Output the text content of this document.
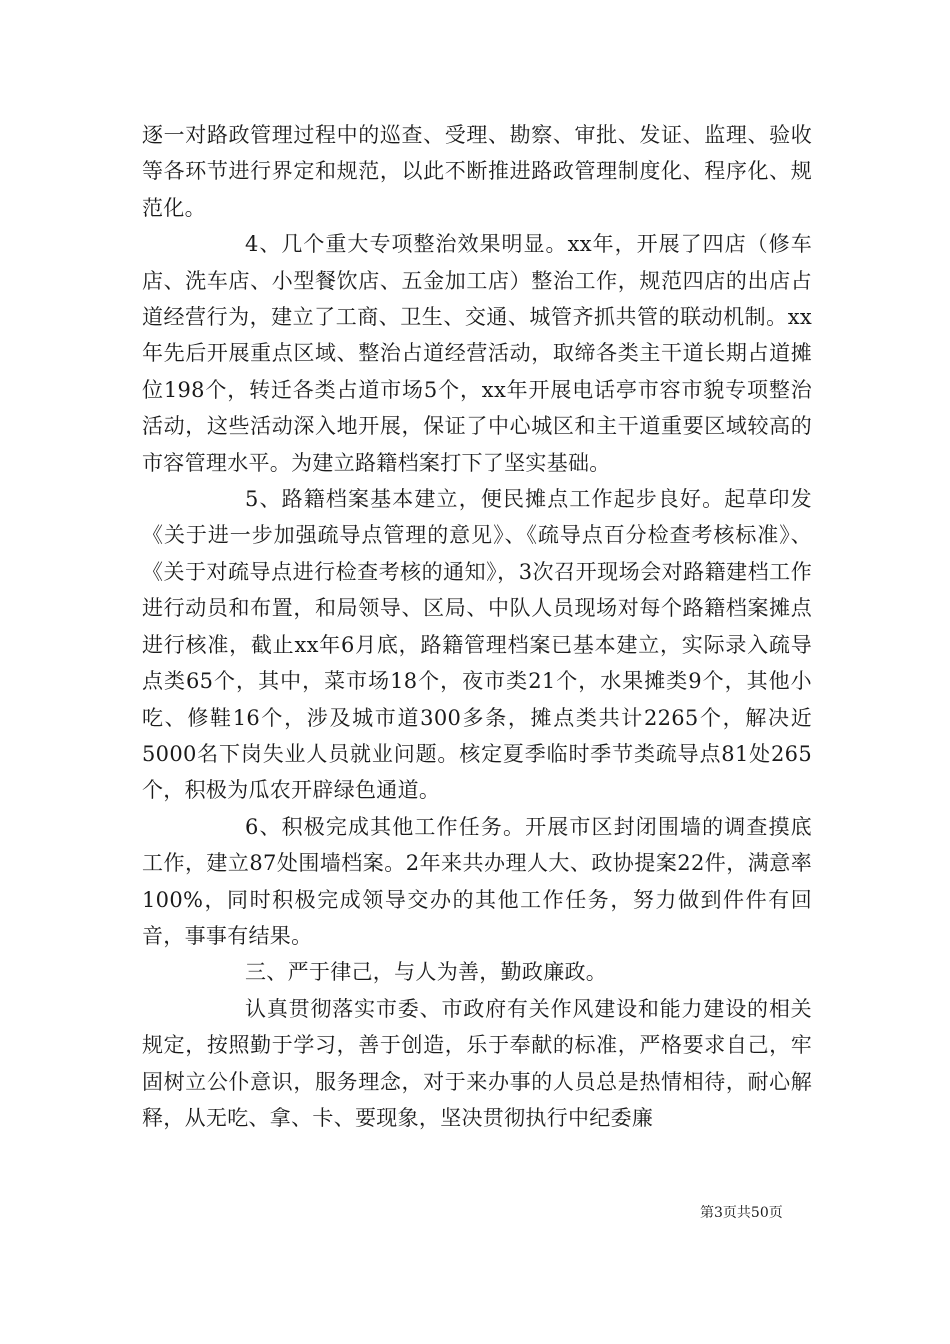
逐一对路政管理过程中的巡查、受理、勘察、审批、发证、监理、验收等各环节进行界定和规范，以此不断推进路政管理制度化、程序化、规范化。

4、几个重大专项整治效果明显。xx年，开展了四店（修车店、洗车店、小型餐饮店、五金加工店）整治工作，规范四店的出店占道经营行为，建立了工商、卫生、交通、城管齐抓共管的联动机制。xx年先后开展重点区域、整治占道经营活动，取缔各类主干道长期占道摊位198个，转迁各类占道市场5个，xx年开展电话亭市容市貌专项整治活动，这些活动深入地开展，保证了中心城区和主干道重要区域较高的市容管理水平。为建立路籍档案打下了坚实基础。

5、路籍档案基本建立，便民摊点工作起步良好。起草印发《关于进一步加强疏导点管理的意见》、《疏导点百分检查考核标准》、《关于对疏导点进行检查考核的通知》，3次召开现场会对路籍建档工作进行动员和布置，和局领导、区局、中队人员现场对每个路籍档案摊点进行核准，截止xx年6月底，路籍管理档案已基本建立，实际录入疏导点类65个，其中，菜市场18个，夜市类21个，水果摊类9个，其他小吃、修鞋16个，涉及城市道300多条，摊点类共计2265个，解决近5000名下岗失业人员就业问题。核定夏季临时季节类疏导点81处265个，积极为瓜农开辟绿色通道。

6、积极完成其他工作任务。开展市区封闭围墙的调查摸底工作，建立87处围墙档案。2年来共办理人大、政协提案22件，满意率100%，同时积极完成领导交办的其他工作任务，努力做到件件有回音，事事有结果。

三、严于律己，与人为善，勤政廉政。

认真贯彻落实市委、市政府有关作风建设和能力建设的相关规定，按照勤于学习，善于创造，乐于奉献的标准，严格要求自己，牢固树立公仆意识，服务理念，对于来办事的人员总是热情相待，耐心解释，从无吃、拿、卡、要现象，坚决贯彻执行中纪委廉

第3页共50页
